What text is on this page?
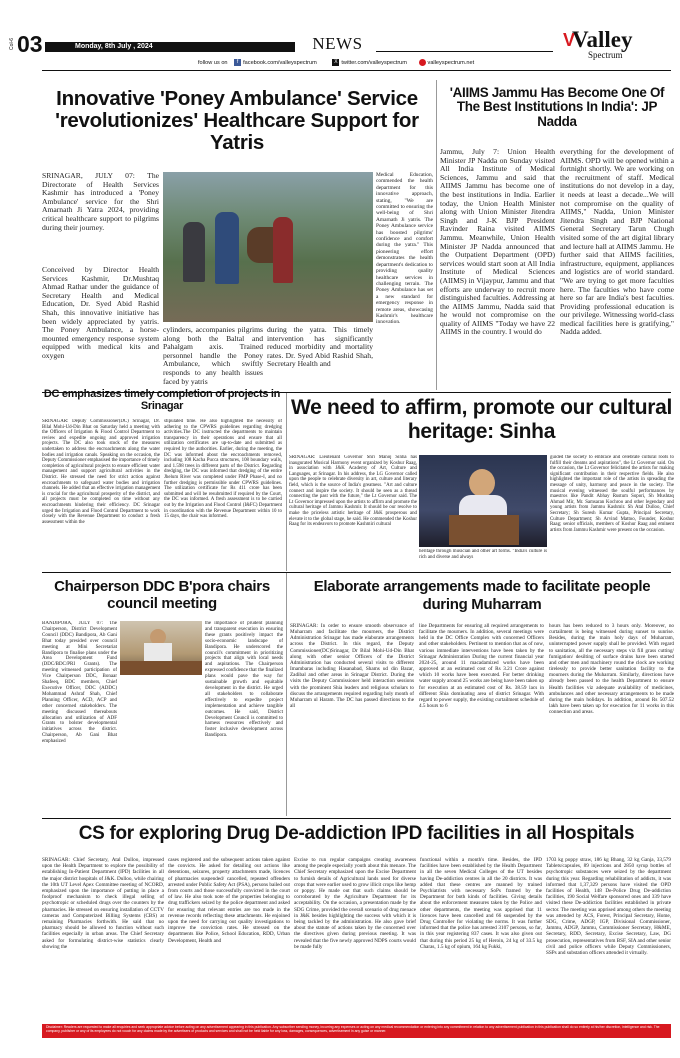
Col-6 03	Monday, 8th July , 2024	NEWS	V
Valley
Spectrum
follow us on f facebook.com/valleyspectrum	X twitter.com/valleyspectrum	valleyspectrum.net
Innovative 'Poney Ambulance' Service 'revolutionizes' Healthcare Support for Yatris
SRINAGAR, JULY 07: The Directorate of Health Services Kashmir has introduced a 'Poney Ambulance' service for the Shri Amarnath Ji Yatra 2024, providing critical healthcare support to pilgrims during their journey.
Conceived by Director Health Services Kashmir, Dr.Mushtaq Ahmad Rathar under the guidance of Secretary Health and Medical Education, Dr. Syed Abid Rashid Shah, this innovative initiative has been widely appreciated by yatris. The Poney Ambulance, a horse-mounted emergency response system equipped with medical kits and oxygen
cylinders, accompanies pilgrims along both the Baltal and Pahalgam axis. Trained personnel handle the Poney Ambulance, which swiftly responds to any health issues faced by yatris
during the yatra. This timely intervention has significantly reduced morbidity and mortality rates. Dr. Syed Abid Rashid Shah, Secretary Health and
'AIIMS Jammu Has Become One Of The Best Institutions In India': JP Nadda
Jammu, July 7: Union Health Minister JP Nadda on Sunday visited All India Institute of Medical Sciences, Jammu and said that AIIMS Jammu has become one of the best institutions in India. Earlier today, the Union Health Minister along with Union Minister Jitendra Singh and J-K BJP President Ravinder Raina visited AIIMS Jammu. Meanwhile, Union Health Minister JP Nadda announced that the Outpatient Department (OPD) services would start soon at All India Institute of Medical Sciences (AIIMS) in Vijaypur, Jammu and that efforts are underway to recruit more distinguished faculties. Addressing at the AIIMS Jammu, Nadda said that he would not compromise on the quality of AIIMS "Today we have 22 AIIMS in the country. I would do
everything for the development of AIIMS. OPD will be opened within a fortnight shortly. We are working on the recruitment of staff. Medical institutions do not develop in a day, it needs at least a decade...We will not compromise on the quality of AIIMS," Nadda, Union Minister Jitendra Singh and BJP National General Secretary Tarun Chugh visited some of the art digital library and lecture hall at AIIMS Jammu. He further said that AIIMS facilities, infrastructure, equipment, appliances and logistics are of world standard. "We are trying to get more faculties here. The faculties who have come here so far are India's best faculties. Providing professional education is our privilege. Witnessing world-class medical facilities here is gratifying," Nadda added.
DC emphasizes timely completion of projects in Srinagar
SRINAGAR: Deputy Commissioner(DC) Srinagar, Dr. Bilal Mohi-Ud-Din Bhat on Saturday held a meeting with the Officers of Irrigation & Flood Control Department to review and expedite ongoing and approved irrigation projects. The DC also took stock of the measures undertaken to address the encroachments along the water bodies and irrigation canals. Speaking on the occasion, the Deputy Commissioner emphasised the importance of timely completion of agricultural projects to ensure efficient water management and support agricultural activities in the District. He stressed the need for strict action against encroachments to safeguard water bodies and irrigation channels. He added that an effective irrigation management is crucial for the agricultural prosperity of the district, and all projects must be completed on time without any encroachments hindering their efficiency. DC Srinagar urged the Irrigation and Flood Control Department to work closely with the Revenue Department to conduct a fresh assessment within the
stipulated time. He also highlighted the necessity of adhering to the CPWRS guidelines regarding dredging activities.The DC instructed the departments to maintain transparency in their operations and ensure that all utilization certificates are up-to-date and submitted as required by the authorities. Earlier, during the meeting, the DC was informed about the encroachments removed, including 108 Kacha Pucca structures, 108 boundary walls, and 1.598 trees in different parts of the District. Regarding dredging, the DC was informed that dredging of the entire Jhelum River was completed under FMP Phase-I, and no further dredging is permissible under CPWRS guidelines. The utilization certificate for Rs 411 crore has been submitted and will be resubmitted if required by the Court, the DC was informed. A fresh assessment is to be carried out by the Irrigation and Flood Control (I&FC) Department in coordination with the Revenue Department within 10 to 15 days, the chair was informed.
We need to affirm, promote our cultural heritage: Sinha
SRINAGAR: Lieutenant Governor Shri Manoj Sinha has inaugurated Musical Harmony event organized by Koshur Raag, in association with J&K Academy of Art, Culture and Languages, at Srinagar. In his address, the LG Governor called upon the people to celebrate diversity in art, culture and literary field, which is the source of India's greatness. "Art and culture connect and inspire the society. It should be seen as a thread connecting the past with the future," the Lt Governor said. The Lt Governor impressed upon the artists to affirm and promote the cultural heritage of Jammu Kashmir. It should be our resolve to make the priceless artistic heritage of J&K prosperous and elevate it to the global stage, he said. He commended the Koshur Raag for its endeavors to promote Kashmiri cultural
heritage through musician and other art forms. "India's culture is rich and diverse and always
guided the society to embrace and celebrate cultural roots to fulfill their dreams and aspirations", the Lt Governor said. On the occasion, the Lt Governor felicitated the artists for making significant contribution in their respective fields. He also highlighted the important role of the artists in spreading the message of unity, harmony and peace in the society. The musical evening witnessed the soulful performances by maestros like Pandit Abhay Rustum Sopori, Sh Mushtaq Ahmad Mir, Mr. Samsaran Kochroo and other legendary and young artists from Jammu Kashmir. Sh Atal Dulloo, Chief Secretary; Sh Suresh Kumar Gupta, Principal Secretary, Culture Department; Sh Arvind Mattoo, Founder, Koshur Raag; senior officials, members of Koshur Raag and eminent artists from Jammu Kashmir were present on the occasion.
Chairperson DDC B'pora chairs council meeting
BANDIPORA, JULY 07: The Chairperson, District Development Council (DDC) Bandipora, Ab Gani Bhat today presided over council meeting at Mini Secretariat Bandipora to finalise plans under the Area Development Fund (DDC/BDC/PRI Grants). The meeting witnessed participation of Vice Chairperson DDC, Bonaar Shafeeq, BDC members, Chief Executive Officer, DDC (ADDC) Mohammad Ashraf Shah, Chief Planning Officer, ACD, ACP and other concerned stakeholders. The meeting discussed thereabouts allocation and utilization of ADF Grants to bolster developmental initiatives across the district. Chairperson, Ab Gani Bhat emphasized
the importance of prudent planning and transparent execution in ensuring these grants positively impact the socio-economic landscape of Bandipora. He underscored the council's commitment in prioritizing projects that align with local needs and aspirations. The Chairperson expressed confidence that the finalized plans would pave the way for sustainable growth and equitable development in the district. He urged all stakeholders to collaborate effectively to expedite project implementation and achieve tangible outcomes. He said, District Development Council is committed to harness resources effectively and foster inclusive development across Bandipora.
Elaborate arrangements made to facilitate people during Muharram
SRINAGAR: In order to ensure smooth observance of Muharram and facilitate the mourners, the District Administration Srinagar has made elaborate arrangements across the District. In this regard, the Deputy Commissioner(DC)Srinagar, Dr Bilal Mohi-Ud-Din Bhat along with other senior Officers of the District Administration has conducted several visits to different Imambaras including Hasanabad, Shams ud din Bazar, Zadibal and other areas in Srinagar District. During the visits the Deputy Commissioner held interaction sessions with the prominent Shia leaders and religious scholars to discuss the arrangements required regarding holy month of Muharram ul Haram. The DC has passed directions to the all
line Departments for ensuring all required arrangements to facilitate the mourners. In addition, several meetings were held in the DC Office Complex with concerned Officers and other stakeholders. Pertinent to mention that as of now, various immediate interventions have been taken by the Srinagar Administration During the current financial year 2024-25, around 11 macadamized works have been approved at an estimated cost of Rs 3.21 Crore against which 10 works have been executed. For better drinking water supply around 25 works are being have been taken up for execution at an estimated cost of Rs. 38.59 lacs in different Shia dominating area of district Srinagar. With regard to power supply, the existing curtailment schedule of 4.5 hours to 6
hours has been reduced to 3 hours only. Moreover, no curtailment is being witnessed during sunset to sunrise. Besides, during the main holy days of Muharram, uninterrupted power supply shall be provided. With regard to sanitation, all the necessary steps viz fill grass cutting/ fumigation/ desilting of surface drains have been started and other men and machinery round the clock are working tirelessly to provide better sanitation facility to the mourners during the Muharram. Similarly, directions have already been passed to the health Department to ensure Health facilities viz adequate availability of medicines, ambulances and other necessary arrangements to be made during the main holidays. In addition, around Rs 507.52 lakh have been taken up for execution for 11 works in this connection and areas.
CS for exploring Drug De-addiction IPD facilities in all Hospitals
SRINAGAR: Chief Secretary, Atal Dulloo, impressed upon the Health Department to explore the possibility of establishing In-Patient Department (IPD) facilities in all the major district hospitals of J&K. Dulloo, while chairing the 10th UT Level Apex Committee meeting of NCORD, emphasized upon the importance of putting in place a foolproof mechanism to check illegal selling of psychotropic or scheduled drugs over the counters by the pharmacies. He stressed on ensuring installation of CCTV cameras and Computerized Billing Systems (CBS) at remaining Pharmacies forthwith. He said that no pharmacy should be allowed to function without such facilities especially in urban areas. The Chief Secretary asked for formulating district-wise statistics clearly showing the
cases registered and the subsequent actions taken against the convicts. He asked for detailing out actions like detentions, seizures, property attachments made, licences of pharmacies suspended/ cancelled, repeated offenders arrested under Public Safety Act (PSA), persons bailed out from courts and those successfully convicted in the court of law. He also took note of the properties belonging to drug traffickers seized by the police department and asked for ensuring that relevant entries are too made in the revenue records reflecting these attachments. He enjoined upon the need for carrying out quality investigations to improve the conviction rates. He stressed on the departments like Police, School Education, RDD, Urban Development, Health and
Excise to run regular campaigns creating awareness among the people especially youth about this menace. The Chief Secretary emphasized upon the Excise Department to furnish details of Agricultural lands used for diverse crops that were earlier used to grow illicit crops like hemp or poppy. He made out that such claims should be corroborated by the Agriculture Department for its acceptability. On the occasion, a presentation made by the SDG Crime, provided the overall scenario of drug menace in J&K besides highlighting the success with which it is being tackled by the administration. He also gave brief about the statute of actions taken by the concerned over the directives given during previous meeting. It was revealed that the five newly approved NDPS courts would be made fully
functional within a month's time. Besides, the IPD facilities have been established by the Health Department in all the seven Medical Colleges of the UT besides having De-addiction centres in all the 20 districts. It was added that these centres are manned by trained Psychiatrists with necessary SoPs framed by the Department for both kinds of facilities. Giving details about the enforcement measures taken by the Police and other departments, the meeting was apprised that 11 licences have been cancelled and 66 suspended by the Drug Controller for violating the norms. It was further informed that the police has arrested 3107 persons, so far, in this year registering 837 cases. It was also given out that during this period 25 kg of Heroin, 24 kg of 33.5 kg Charas, 1.5 kg of opium, 164 kg Fukki,
1703 kg poppy straw, 186 kg Bhang, 32 kg Ganja, 33,579 Tablets/capsules, 89 injections and 2850 syrup bottles of psychotropic substances were seized by the department during this year. Regarding rehabilitation of addicts, it was informed that 1,37,329 persons have visited the OPD facilities of Health, 148 De-Police Drug De-addiction facilities, 190 Social Welfare sponsored ones and 339 have visited these De-addiction facilities established in private sector. The meeting was apprised among others the meeting was attended by ACS, Forest, Principal Secretary, Home, SDG, Crime, ADGP, IGP, Divisional Commissioner, Jammu, ADGP, Jammu, Commissioner Secretary, H&ME, Secretary, RDD, Secretary, Excise Secretary, Law, DG prosecution, representatives from BSF, SIA and other senior civil and police officers while Deputy Commissioners, SSPs and substation officers attended it virtually.
Disclaimer: Readers are requested to make all enquiries and seek appropriate advice before acting on any advertisement appearing in this publication. Any subscriber sending money, incurring any expenses or acting on any medical recommendation or entering into any commitment in relation to any advertisement publication in this publication shall do so entirely at his/her discretion, intelligence and risk. The company, publisher or any of its employees do not vouch for any claims made by the advertisers of products and services and shall not be held liable for any loss, damages, consequences, advertisement in any guise or manner.
Medical Education, commended the health department for this innovative approach, stating, "We are committed to ensuring the well-being of Shri Amarnath Ji yatris. The Poney Ambulance service has boosted pilgrims' confidence and comfort during the yatra." This pioneering effort demonstrates the health department's dedication to providing quality healthcare services in challenging terrain. The Poney Ambulance has set a new standard for emergency response in remote areas, showcasing Kashmir's healthcare innovation.
